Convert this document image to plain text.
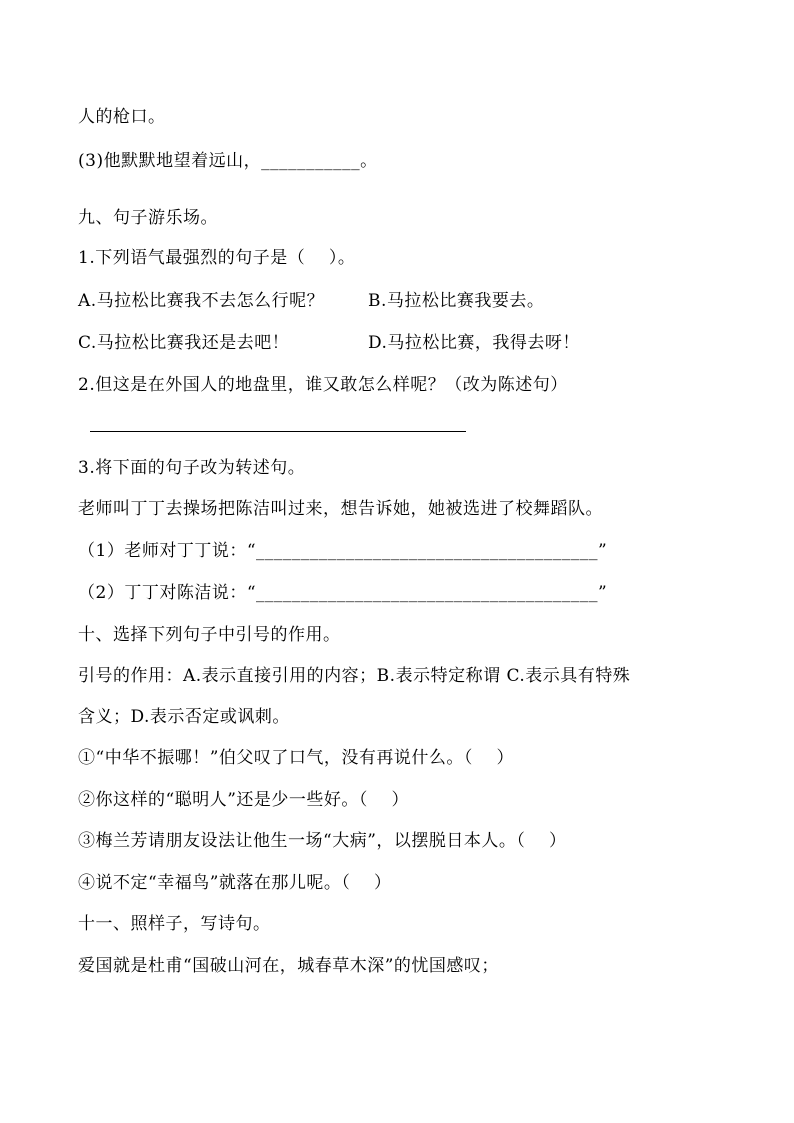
人的枪口。
(3)他默默地望着远山，___________。
九、句子游乐场。
1.下列语气最强烈的句子是（    ）。
A.马拉松比赛我不去怎么行呢？	B.马拉松比赛我要去。
C.马拉松比赛我还是去吧！	D.马拉松比赛，我得去呀！
2.但这是在外国人的地盘里，谁又敢怎么样呢？（改为陈述句）
3.将下面的句子改为转述句。
老师叫丁丁去操场把陈洁叫过来，想告诉她，她被选进了校舞蹈队。
（1）老师对丁丁说：“______________________________________”
（2）丁丁对陈洁说：“______________________________________”
十、选择下列句子中引号的作用。
引号的作用：A.表示直接引用的内容；B.表示特定称谓 C.表示具有特殊
含义；D.表示否定或讽刺。
①“中华不振哪！”伯父叹了口气，没有再说什么。（    ）
②你这样的“聪明人”还是少一些好。（    ）
③梅兰芳请朋友设法让他生一场“大病”，以摆脱日本人。（    ）
④说不定“幸福鸟”就落在那儿呢。（    ）
十一、照样子，写诗句。
爱国就是杜甫“国破山河在，城春草木深”的忧国感叹；
